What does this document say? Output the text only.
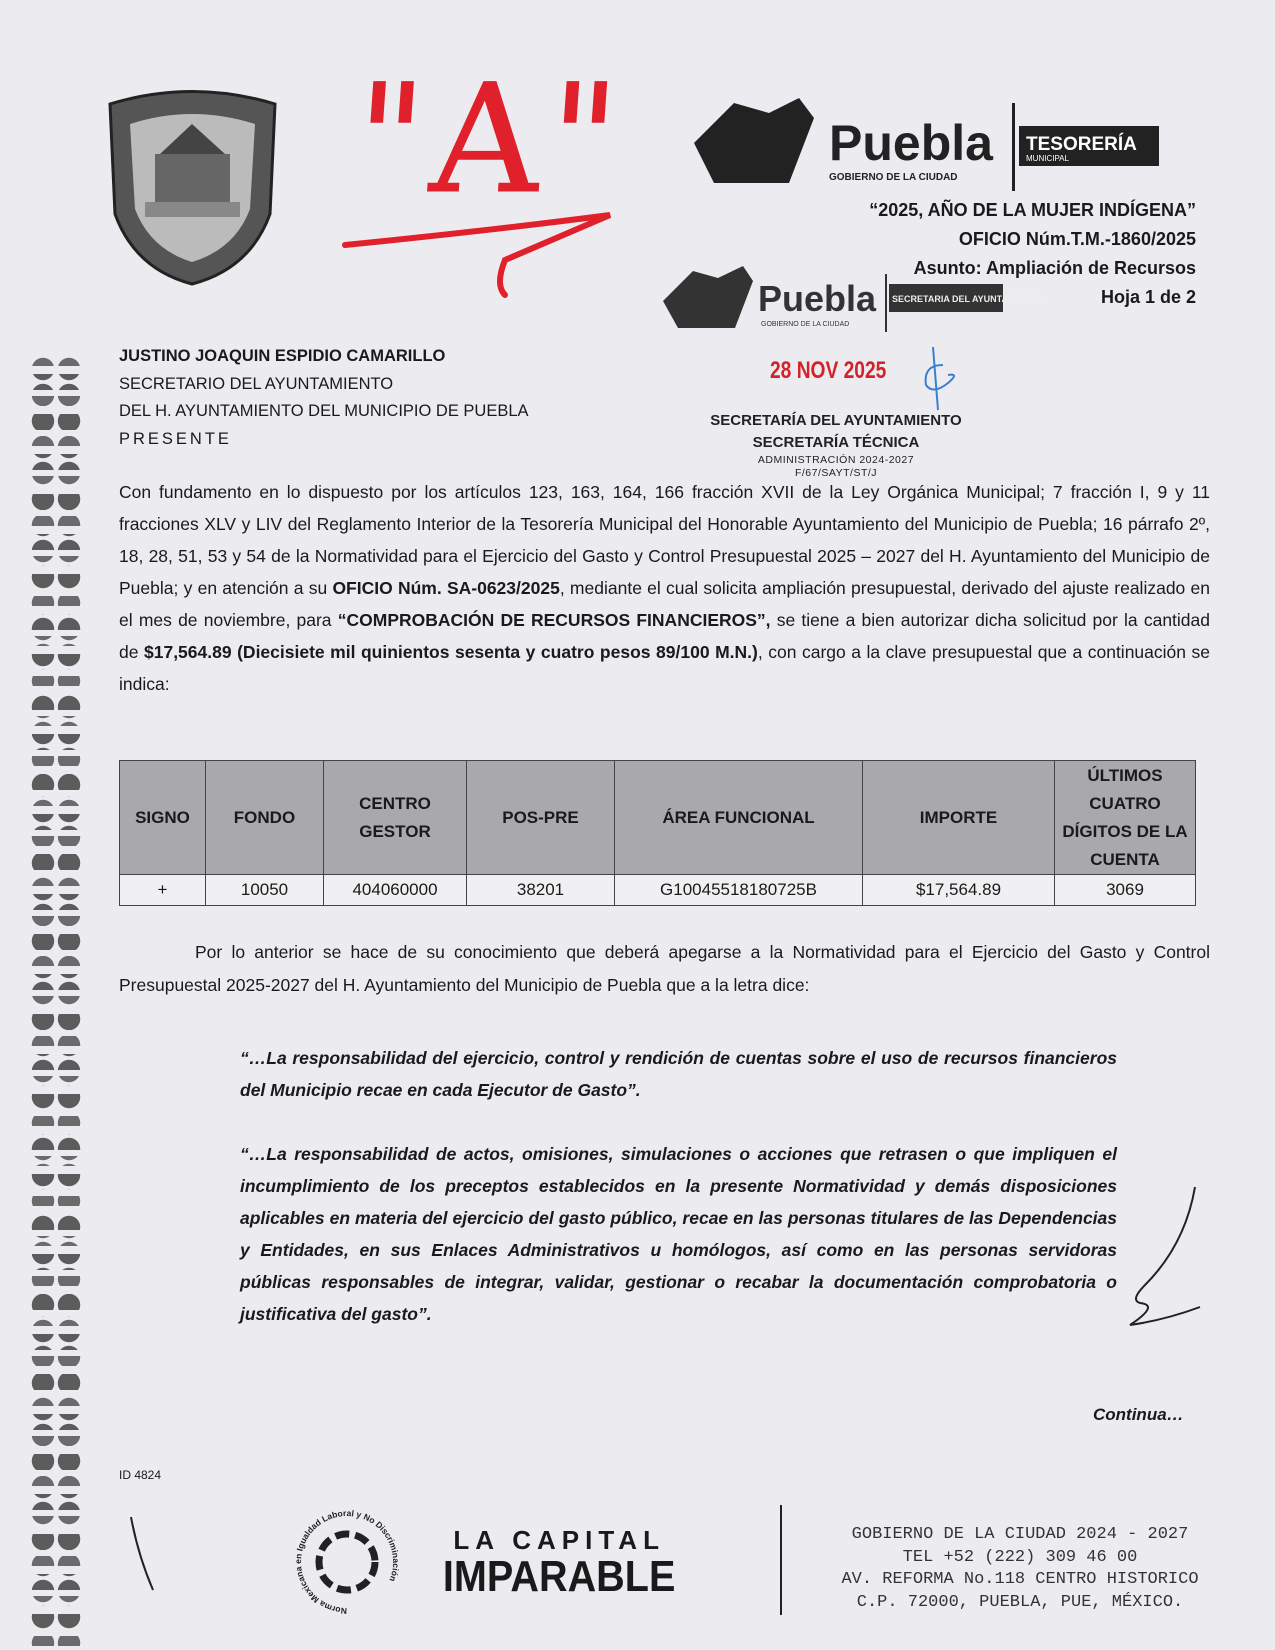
"A"	Puebla
GOBIERNO DE LA CIUDAD
TESORERÍA
MUNICIPAL
“2025, AÑO DE LA MUJER INDÍGENA”
OFICIO Núm.T.M.-1860/2025
Asunto: Ampliación de Recursos
Hoja 1 de 2
Puebla
GOBIERNO DE LA CIUDAD
SECRETARIA DEL AYUNTAMIENTO
28 NOV 2025
SECRETARÍA DEL AYUNTAMIENTO
SECRETARÍA TÉCNICA
ADMINISTRACIÓN 2024-2027
F/67/SAYT/ST/J
JUSTINO JOAQUIN ESPIDIO CAMARILLO
SECRETARIO DEL AYUNTAMIENTO
DEL H. AYUNTAMIENTO DEL MUNICIPIO DE PUEBLA
PRESENTE

Con fundamento en lo dispuesto por los artículos 123, 163, 164, 166 fracción XVII de la Ley Orgánica Municipal; 7 fracción I, 9 y 11 fracciones XLV y LIV del Reglamento Interior de la Tesorería Municipal del Honorable Ayuntamiento del Municipio de Puebla; 16 párrafo 2º, 18, 28, 51, 53 y 54 de la Normatividad para el Ejercicio del Gasto y Control Presupuestal 2025 – 2027 del H. Ayuntamiento del Municipio de Puebla; y en atención a su OFICIO Núm. SA-0623/2025, mediante el cual solicita ampliación presupuestal, derivado del ajuste realizado en el mes de noviembre, para “COMPROBACIÓN DE RECURSOS FINANCIEROS”, se tiene a bien autorizar dicha solicitud por la cantidad de $17,564.89 (Diecisiete mil quinientos sesenta y cuatro pesos 89/100 M.N.), con cargo a la clave presupuestal que a continuación se indica:

SIGNO	FONDO	CENTRO GESTOR	POS-PRE	ÁREA FUNCIONAL	IMPORTE	ÚLTIMOS CUATRO DÍGITOS DE LA CUENTA
+	10050	404060000	38201	G10045518180725B	$17,564.89	3069

Por lo anterior se hace de su conocimiento que deberá apegarse a la Normatividad para el Ejercicio del Gasto y Control Presupuestal 2025-2027 del H. Ayuntamiento del Municipio de Puebla que a la letra dice:

“…La responsabilidad del ejercicio, control y rendición de cuentas sobre el uso de recursos financieros del Municipio recae en cada Ejecutor de Gasto”.

“…La responsabilidad de actos, omisiones, simulaciones o acciones que retrasen o que impliquen el incumplimiento de los preceptos establecidos en la presente Normatividad y demás disposiciones aplicables en materia del ejercicio del gasto público, recae en las personas titulares de las Dependencias y Entidades, en sus Enlaces Administrativos u homólogos, así como en las personas servidoras públicas responsables de integrar, validar, gestionar o recabar la documentación comprobatoria o justificativa del gasto”.

Continua…
ID 4824
Norma Mexicana en Igualdad Laboral y No Discriminación
LA CAPITAL
IMPARABLE
GOBIERNO DE LA CIUDAD 2024 - 2027
TEL +52 (222) 309 46 00
AV. REFORMA No.118 CENTRO HISTORICO
C.P. 72000, PUEBLA, PUE, MÉXICO.
